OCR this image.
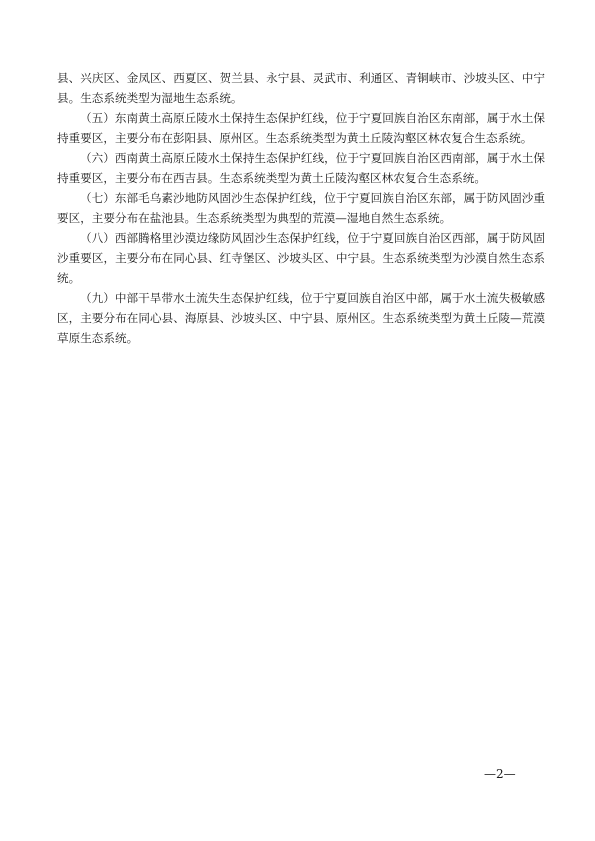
县、兴庆区、金凤区、西夏区、贺兰县、永宁县、灵武市、利通区、青铜峡市、沙坡头区、中宁县。生态系统类型为湿地生态系统。

（五）东南黄土高原丘陵水土保持生态保护红线，位于宁夏回族自治区东南部，属于水土保持重要区，主要分布在彭阳县、原州区。生态系统类型为黄土丘陵沟壑区林农复合生态系统。

（六）西南黄土高原丘陵水土保持生态保护红线，位于宁夏回族自治区西南部，属于水土保持重要区，主要分布在西吉县。生态系统类型为黄土丘陵沟壑区林农复合生态系统。

（七）东部毛乌素沙地防风固沙生态保护红线，位于宁夏回族自治区东部，属于防风固沙重要区，主要分布在盐池县。生态系统类型为典型的荒漠—湿地自然生态系统。

（八）西部腾格里沙漠边缘防风固沙生态保护红线，位于宁夏回族自治区西部，属于防风固沙重要区，主要分布在同心县、红寺堡区、沙坡头区、中宁县。生态系统类型为沙漠自然生态系统。

（九）中部干旱带水土流失生态保护红线，位于宁夏回族自治区中部，属于水土流失极敏感区，主要分布在同心县、海原县、沙坡头区、中宁县、原州区。生态系统类型为黄土丘陵—荒漠草原生态系统。

—2—
